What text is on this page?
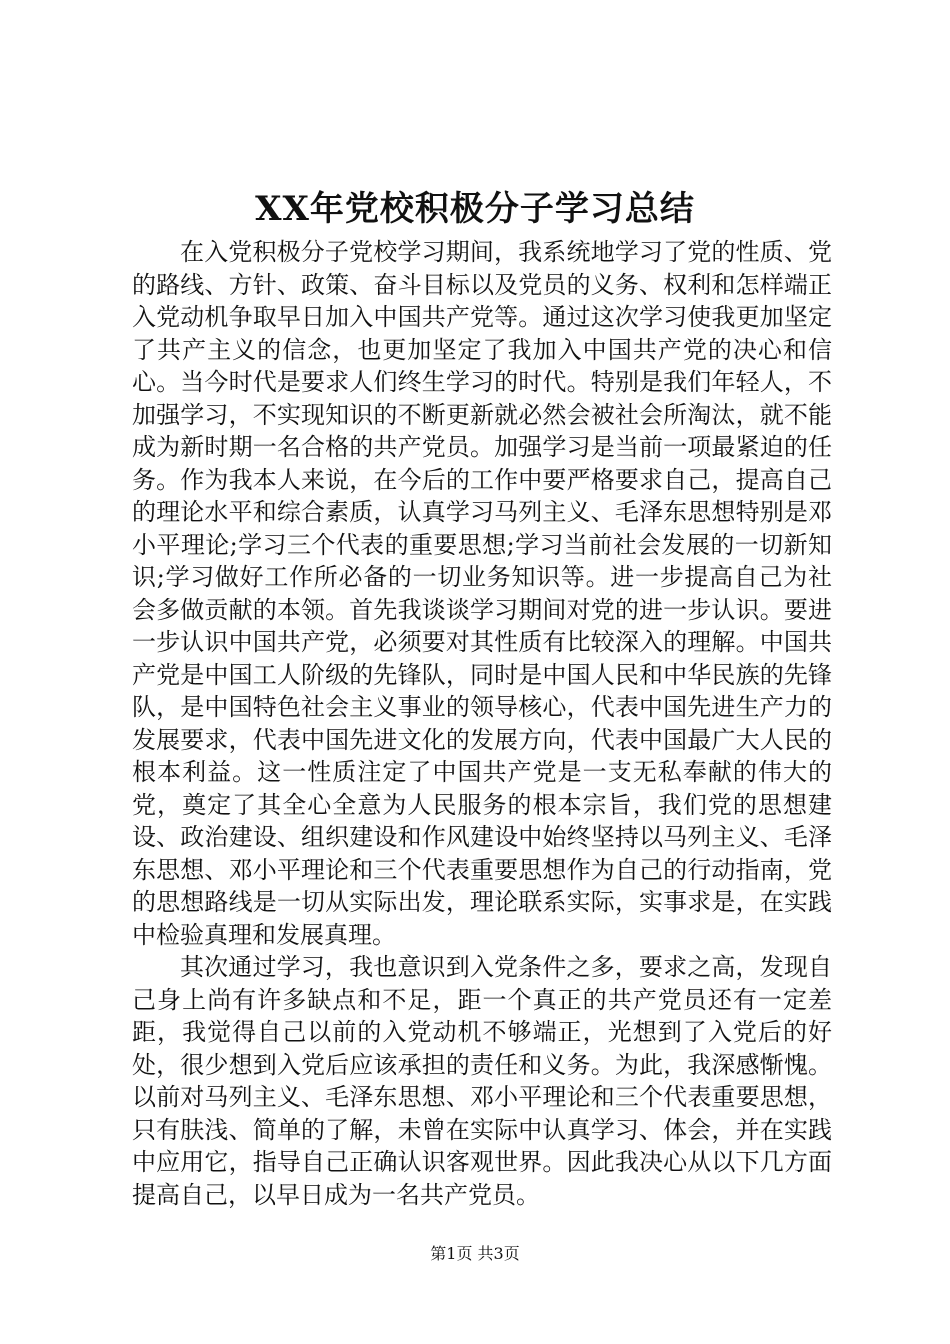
XX年党校积极分子学习总结

在入党积极分子党校学习期间，我系统地学习了党的性质、党的路线、方针、政策、奋斗目标以及党员的义务、权利和怎样端正入党动机争取早日加入中国共产党等。通过这次学习使我更加坚定了共产主义的信念，也更加坚定了我加入中国共产党的决心和信心。当今时代是要求人们终生学习的时代。特别是我们年轻人，不加强学习，不实现知识的不断更新就必然会被社会所淘汰，就不能成为新时期一名合格的共产党员。加强学习是当前一项最紧迫的任务。作为我本人来说，在今后的工作中要严格要求自己，提高自己的理论水平和综合素质，认真学习马列主义、毛泽东思想特别是邓小平理论;学习三个代表的重要思想;学习当前社会发展的一切新知识;学习做好工作所必备的一切业务知识等。进一步提高自己为社会多做贡献的本领。首先我谈谈学习期间对党的进一步认识。要进一步认识中国共产党，必须要对其性质有比较深入的理解。中国共产党是中国工人阶级的先锋队，同时是中国人民和中华民族的先锋队，是中国特色社会主义事业的领导核心，代表中国先进生产力的发展要求，代表中国先进文化的发展方向，代表中国最广大人民的根本利益。这一性质注定了中国共产党是一支无私奉献的伟大的党，奠定了其全心全意为人民服务的根本宗旨，我们党的思想建设、政治建设、组织建设和作风建设中始终坚持以马列主义、毛泽东思想、邓小平理论和三个代表重要思想作为自己的行动指南，党的思想路线是一切从实际出发，理论联系实际，实事求是，在实践中检验真理和发展真理。

其次通过学习，我也意识到入党条件之多，要求之高，发现自己身上尚有许多缺点和不足，距一个真正的共产党员还有一定差距，我觉得自己以前的入党动机不够端正，光想到了入党后的好处，很少想到入党后应该承担的责任和义务。为此，我深感惭愧。以前对马列主义、毛泽东思想、邓小平理论和三个代表重要思想，只有肤浅、简单的了解，未曾在实际中认真学习、体会，并在实践中应用它，指导自己正确认识客观世界。因此我决心从以下几方面提高自己，以早日成为一名共产党员。

第1页 共3页
